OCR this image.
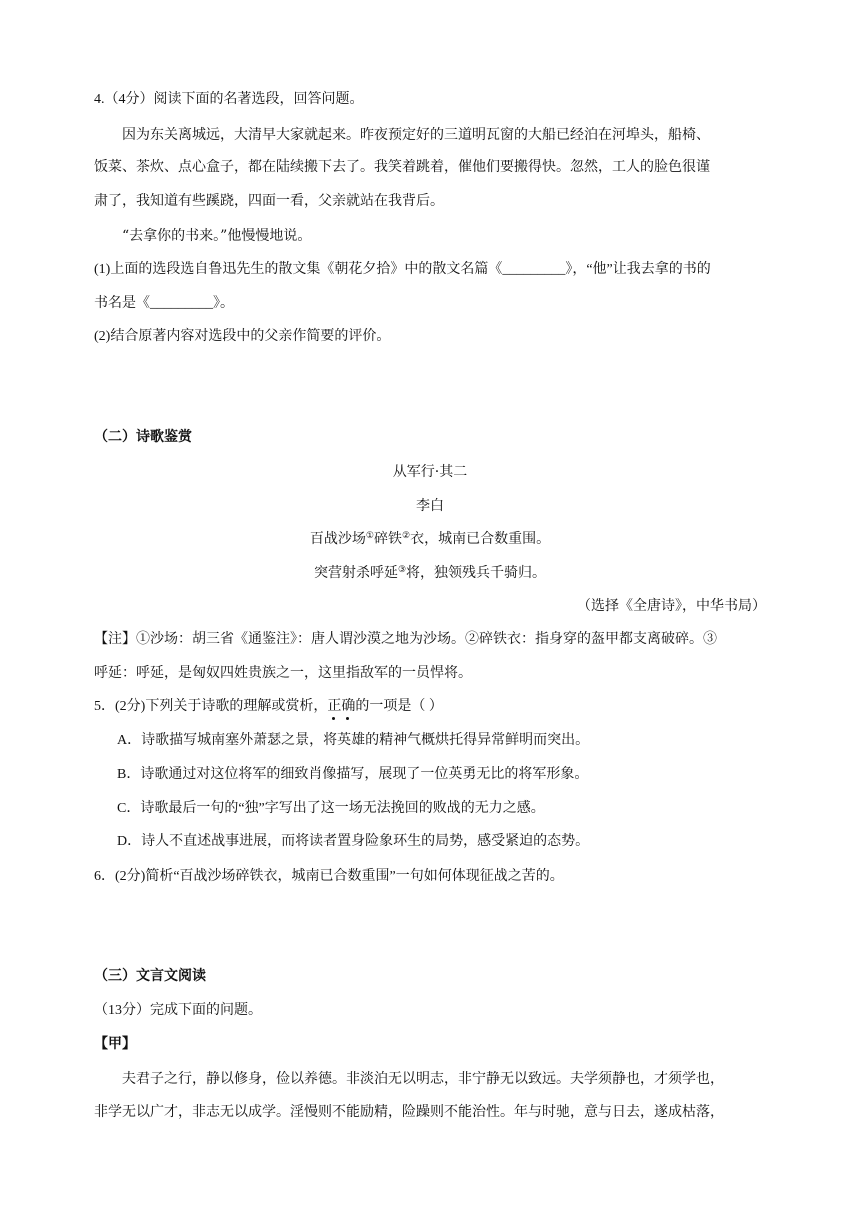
4.（4分）阅读下面的名著选段，回答问题。
因为东关离城远，大清早大家就起来。昨夜预定好的三道明瓦窗的大船已经泊在河埠头，船椅、
饭菜、茶炊、点心盒子，都在陆续搬下去了。我笑着跳着，催他们要搬得快。忽然，工人的脸色很谨
肃了，我知道有些蹊跷，四面一看，父亲就站在我背后。
“去拿你的书来。”他慢慢地说。
(1)上面的选段选自鲁迅先生的散文集《朝花夕拾》中的散文名篇《_________》，“他”让我去拿的书的
书名是《_________》。
(2)结合原著内容对选段中的父亲作简要的评价。
（二）诗歌鉴赏
从军行·其二
李白
百战沙场①碎铁②衣，城南已合数重围。
突营射杀呼延③将，独领残兵千骑归。
（选择《全唐诗》，中华书局）
【注】①沙场：胡三省《通鉴注》：唐人谓沙漠之地为沙场。②碎铁衣：指身穿的盔甲都支离破碎。③
呼延：呼延，是匈奴四姓贵族之一，这里指敌军的一员悍将。
5．(2分)下列关于诗歌的理解或赏析，正确
的一项是（ ）
A．诗歌描写城南塞外萧瑟之景，将英雄的精神气概烘托得异常鲜明而突出。
B．诗歌通过对这位将军的细致肖像描写，展现了一位英勇无比的将军形象。
C．诗歌最后一句的“独”字写出了这一场无法挽回的败战的无力之感。
D．诗人不直述战事进展，而将读者置身险象环生的局势，感受紧迫的态势。
6．(2分)简析“百战沙场碎铁衣，城南已合数重围”一句如何体现征战之苦的。
（三）文言文阅读
（13分）完成下面的问题。
【甲】
夫君子之行，静以修身，俭以养德。非淡泊无以明志，非宁静无以致远。夫学须静也，才须学也，
非学无以广才，非志无以成学。淫慢则不能励精，险躁则不能治性。年与时驰，意与日去，遂成枯落，
